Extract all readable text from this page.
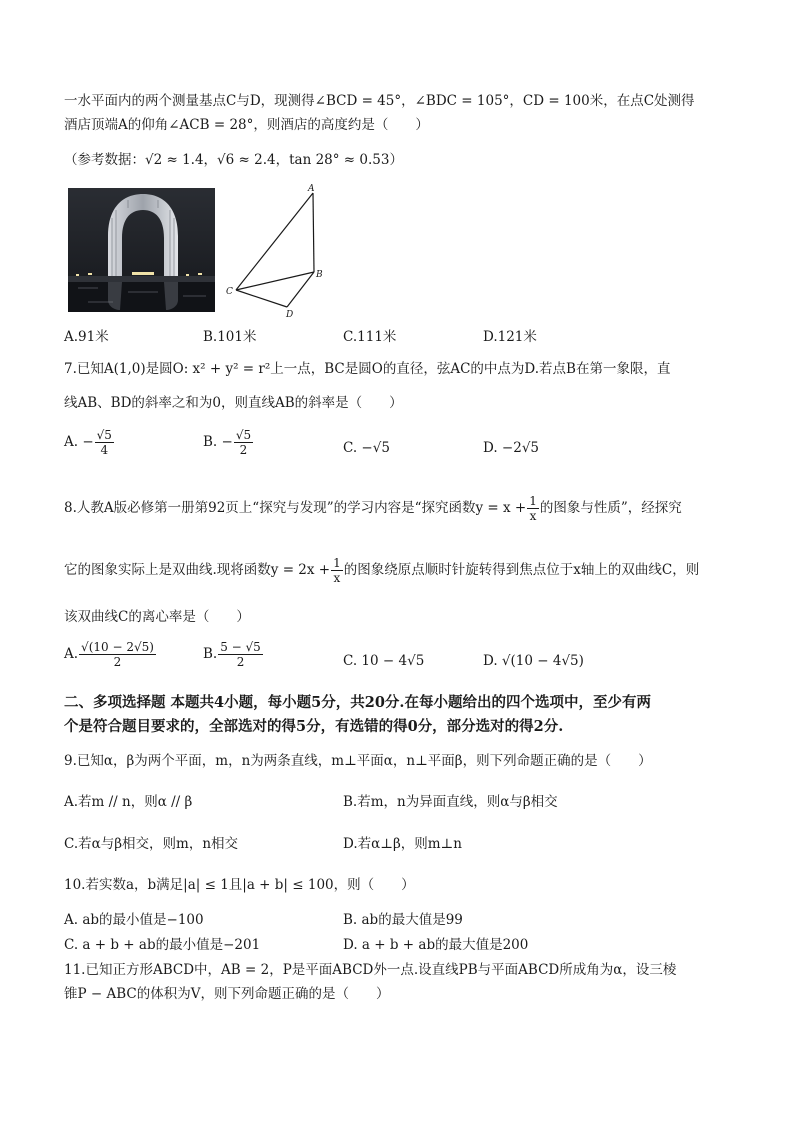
一水平面内的两个测量基点C与D，现测得∠BCD = 45°，∠BDC = 105°，CD = 100米，在点C处测得
酒店顶端A的仰角∠ACB = 28°，则酒店的高度约是（　　）
（参考数据：√2 ≈ 1.4，√6 ≈ 2.4，tan 28° ≈ 0.53）
A
B
C
D
A.91米	B.101米	C.111米	D.121米
7.已知A(1,0)是圆O: x² + y² = r²上一点，BC是圆O的直径，弦AC的中点为D.若点B在第一象限，直
线AB、BD的斜率之和为0，则直线AB的斜率是（　　）
A. − $\frac{√5}{4}$	B. − $\frac{√5}{2}$	C. −√5	D. −2√5
8.人教A版必修第一册第92页上“探究与发现”的学习内容是“探究函数$y = x + \frac{1}{x}$ 的图象与性质”，经探究
它的图象实际上是双曲线.现将函数$y = 2x + \frac{1}{x}$ 的图象绕原点顺时针旋转得到焦点位于x轴上的双曲线C，则
该双曲线C的离心率是（　　）
A. $\frac{√(10 - 2√5)}{2}$	B. $\frac{5 - √5}{2}$	C. 10 − 4√5	D. √(10 − 4√5)
二、多项选择题 本题共4小题，每小题5分，共20分.在每小题给出的四个选项中，至少有两
个是符合题目要求的，全部选对的得5分，有选错的得0分，部分选对的得2分.
9.已知α，β为两个平面，m，n为两条直线，m⊥平面α，n⊥平面β，则下列命题正确的是（　　）
A.若m // n，则α // β	B.若m，n为异面直线，则α与β相交
C.若α与β相交，则m，n相交	D.若α⊥β，则m⊥n
10.若实数a，b满足|a| ≤ 1且|a + b| ≤ 100，则（　　）
A. ab的最小值是−100	B. ab的最大值是99
C. a + b + ab的最小值是−201	D. a + b + ab的最大值是200
11.已知正方形ABCD中，AB = 2，P是平面ABCD外一点.设直线PB与平面ABCD所成角为α，设三棱
锥P − ABC的体积为V，则下列命题正确的是（　　）
